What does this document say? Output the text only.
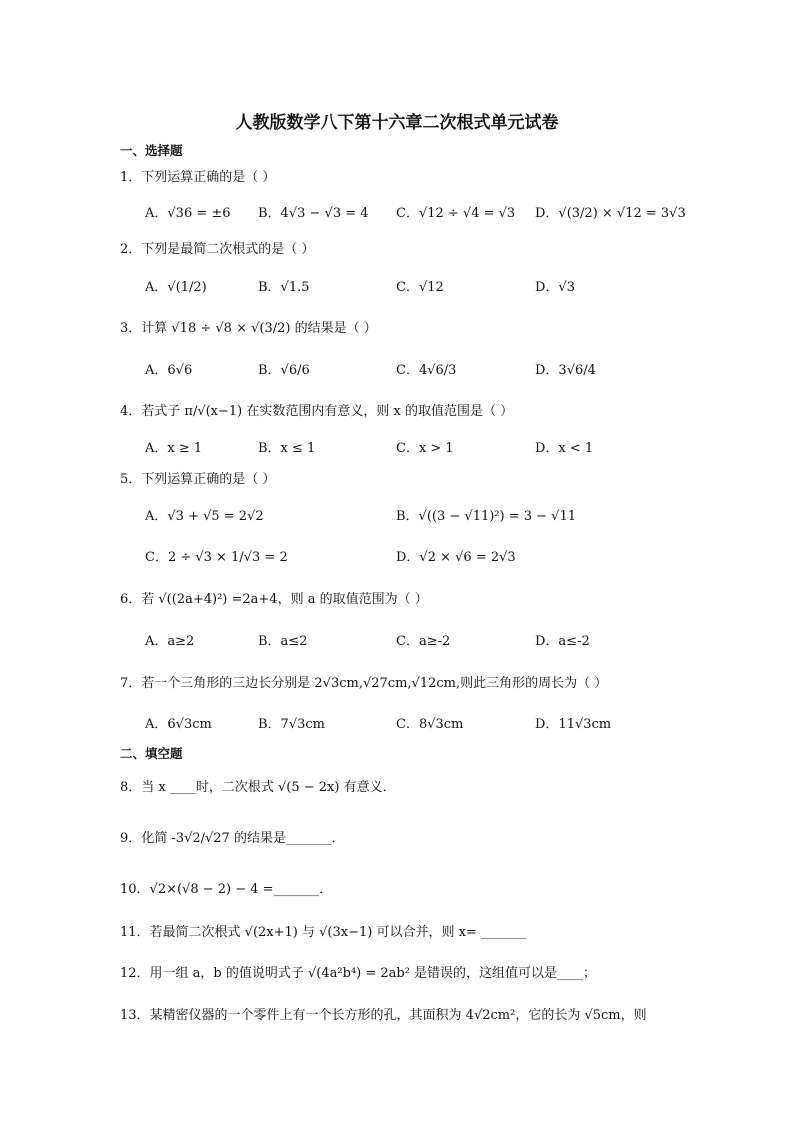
人教版数学八下第十六章二次根式单元试卷
一、选择题
1．下列运算正确的是（ ）
A．√36 = ±6 B．4√3 − √3 = 4 C．√12 ÷ √4 = √3 D．√(3/2) × √12 = 3√3
2．下列是最简二次根式的是（ ）
A．√(1/2)	B．√1.5	C．√12	D．√3
3．计算 √18 ÷ √8 × √(3/2) 的结果是（ ）
A．6√6	B．√6/6	C．4√6/3	D．3√6/4
4．若式子 π/√(x−1) 在实数范围内有意义，则 x 的取值范围是（ ）
A．x ≥ 1	B．x ≤ 1	C．x > 1	D．x < 1
5．下列运算正确的是（ ）
A．√3 + √5 = 2√2	B．√((3 − √11)²) = 3 − √11
C．2 ÷ √3 × 1/√3 = 2	D．√2 × √6 = 2√3
6．若 √((2a+4)²) =2a+4，则 a 的取值范围为（ ）
A．a≥2	B．a≤2	C．a≥-2	D．a≤-2
7．若一个三角形的三边长分别是 2√3cm,√27cm,√12cm,则此三角形的周长为（ ）
A．6√3cm	B．7√3cm	C．8√3cm	D．11√3cm
二、填空题
8．当 x ____时，二次根式 √(5 − 2x) 有意义．
9．化简 -3√2/√27 的结果是_______．
10．√2×(√8 − 2) − 4 =_______．
11．若最简二次根式 √(2x+1) 与 √(3x−1) 可以合并，则 x= _______
12．用一组 a，b 的值说明式子 √(4a²b⁴) = 2ab² 是错误的，这组值可以是____；
13．某精密仪器的一个零件上有一个长方形的孔，其面积为 4√2cm²，它的长为 √5cm，则
